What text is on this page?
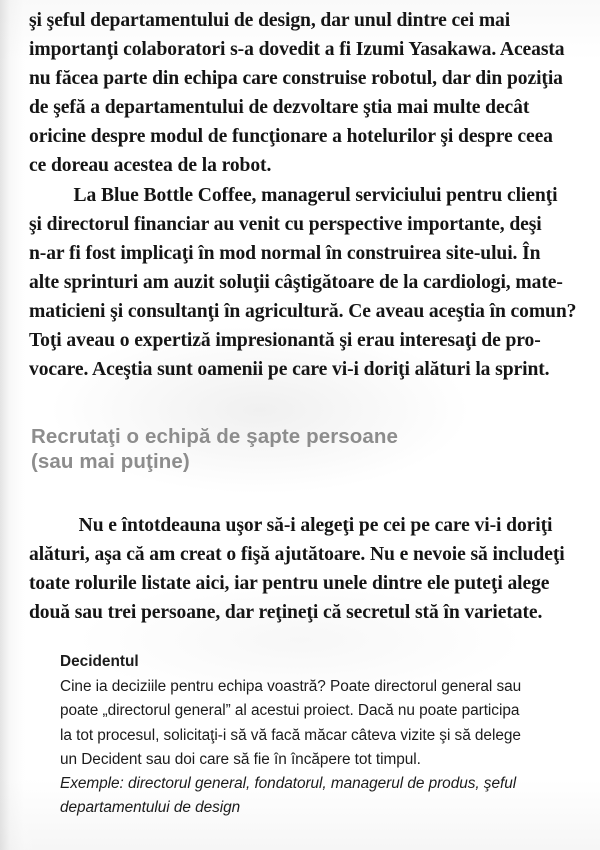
şi şeful departamentului de design, dar unul dintre cei mai
importanţi colaboratori s-a dovedit a fi Izumi Yasakawa. Aceasta
nu făcea parte din echipa care construise robotul, dar din poziţia
de şefă a departamentului de dezvoltare ştia mai multe decât
oricine despre modul de funcţionare a hotelurilor şi despre ceea
ce doreau acestea de la robot.
La Blue Bottle Coffee, managerul serviciului pentru clienţi
şi directorul financiar au venit cu perspective importante, deşi
n-ar fi fost implicaţi în mod normal în construirea site-ului. În
alte sprinturi am auzit soluţii câştigătoare de la cardiologi, mate-
maticieni şi consultanţi în agricultură. Ce aveau aceştia în comun?
Toţi aveau o expertiză impresionantă şi erau interesaţi de pro-
vocare. Aceştia sunt oamenii pe care vi-i doriţi alături la sprint.
Recrutaţi o echipă de şapte persoane
(sau mai puţine)
Nu e întotdeauna uşor să-i alegeţi pe cei pe care vi-i doriţi
alături, aşa că am creat o fişă ajutătoare. Nu e nevoie să includeţi
toate rolurile listate aici, iar pentru unele dintre ele puteţi alege
două sau trei persoane, dar reţineţi că secretul stă în varietate.
Decidentul
Cine ia deciziile pentru echipa voastră? Poate directorul general sau
poate „directorul general” al acestui proiect. Dacă nu poate participa
la tot procesul, solicitaţi-i să vă facă măcar câteva vizite şi să delege
un Decident sau doi care să fie în încăpere tot timpul.
Exemple: directorul general, fondatorul, managerul de produs, şeful
departamentului de design
